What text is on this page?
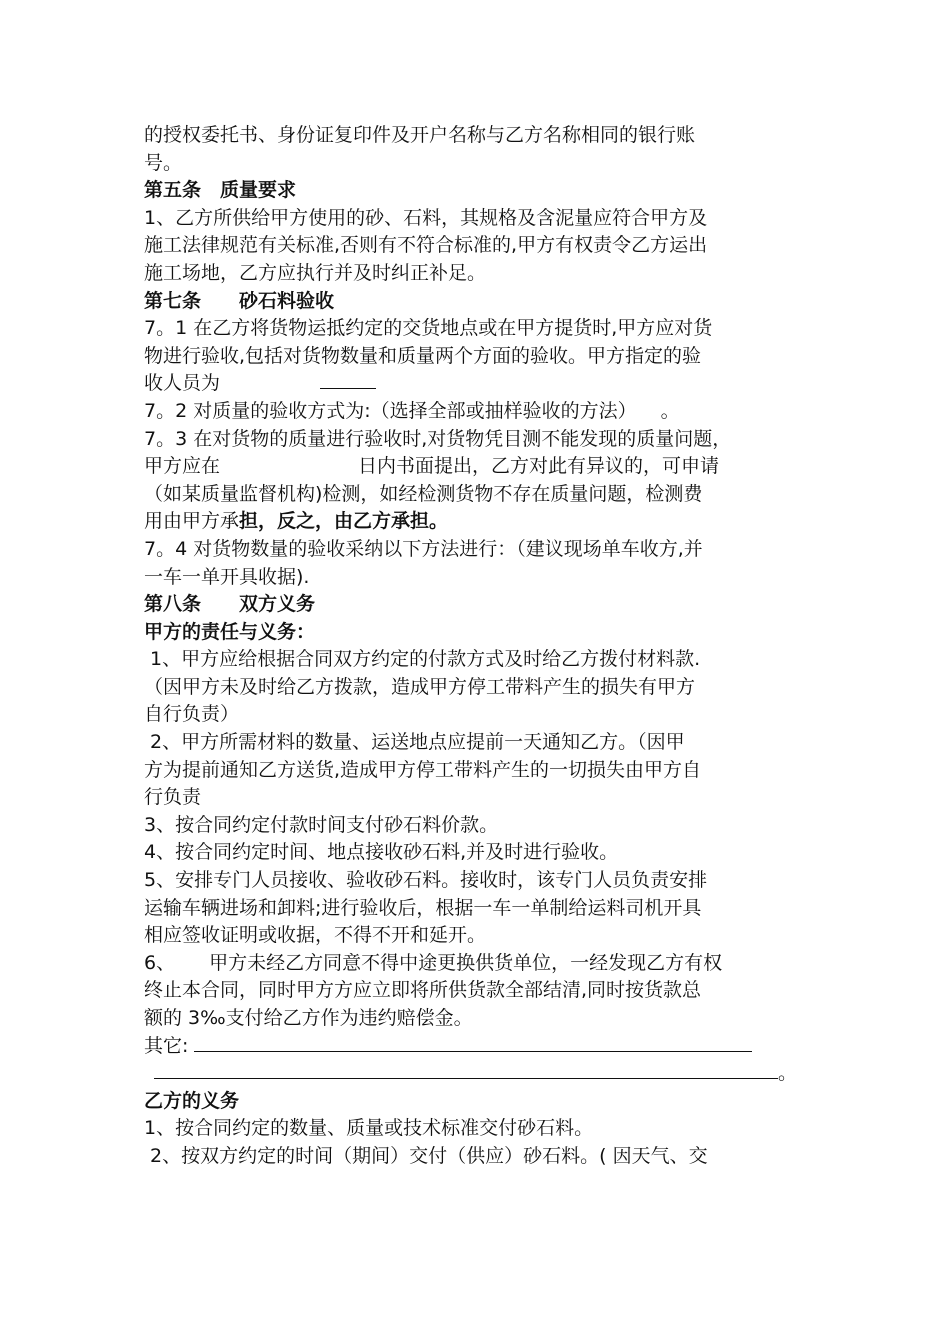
的授权委托书、身份证复印件及开户名称与乙方名称相同的银行账
号。
第五条　质量要求
1、乙方所供给甲方使用的砂、石料，其规格及含泥量应符合甲方及
施工法律规范有关标准,否则有不符合标准的,甲方有权责令乙方运出
施工场地，乙方应执行并及时纠正补足。
第七条　　砂石料验收
7。1 在乙方将货物运抵约定的交货地点或在甲方提货时,甲方应对货
物进行验收,包括对货物数量和质量两个方面的验收。甲方指定的验
收人员为
7。2 对质量的验收方式为:（选择全部或抽样验收的方法） 。
7。3 在对货物的质量进行验收时,对货物凭目测不能发现的质量问题，
甲方应在	日内书面提出，乙方对此有异议的，可申请
（如某质量监督机构)检测，如经检测货物不存在质量问题，检测费
用由甲方承担，反之，由乙方承担。
7。4 对货物数量的验收采纳以下方法进行：（建议现场单车收方,并
一车一单开具收据).
第八条　　双方义务
甲方的责任与义务：
1、甲方应给根据合同双方约定的付款方式及时给乙方拨付材料款.
（因甲方未及时给乙方拨款，造成甲方停工带料产生的损失有甲方
自行负责）
2、甲方所需材料的数量、运送地点应提前一天通知乙方。（因甲
方为提前通知乙方送货,造成甲方停工带料产生的一切损失由甲方自
行负责
3、按合同约定付款时间支付砂石料价款。
4、按合同约定时间、地点接收砂石料,并及时进行验收。
5、安排专门人员接收、验收砂石料。接收时，该专门人员负责安排
运输车辆进场和卸料;进行验收后，根据一车一单制给运料司机开具
相应签收证明或收据，不得不开和延开。
6、 甲方未经乙方同意不得中途更换供货单位，一经发现乙方有权
终止本合同，同时甲方方应立即将所供货款全部结清,同时按货款总
额的 3‰支付给乙方作为违约赔偿金。
其它:
。
乙方的义务
1、按合同约定的数量、质量或技术标准交付砂石料。
2、按双方约定的时间（期间）交付（供应）砂石料。( 因天气、交
